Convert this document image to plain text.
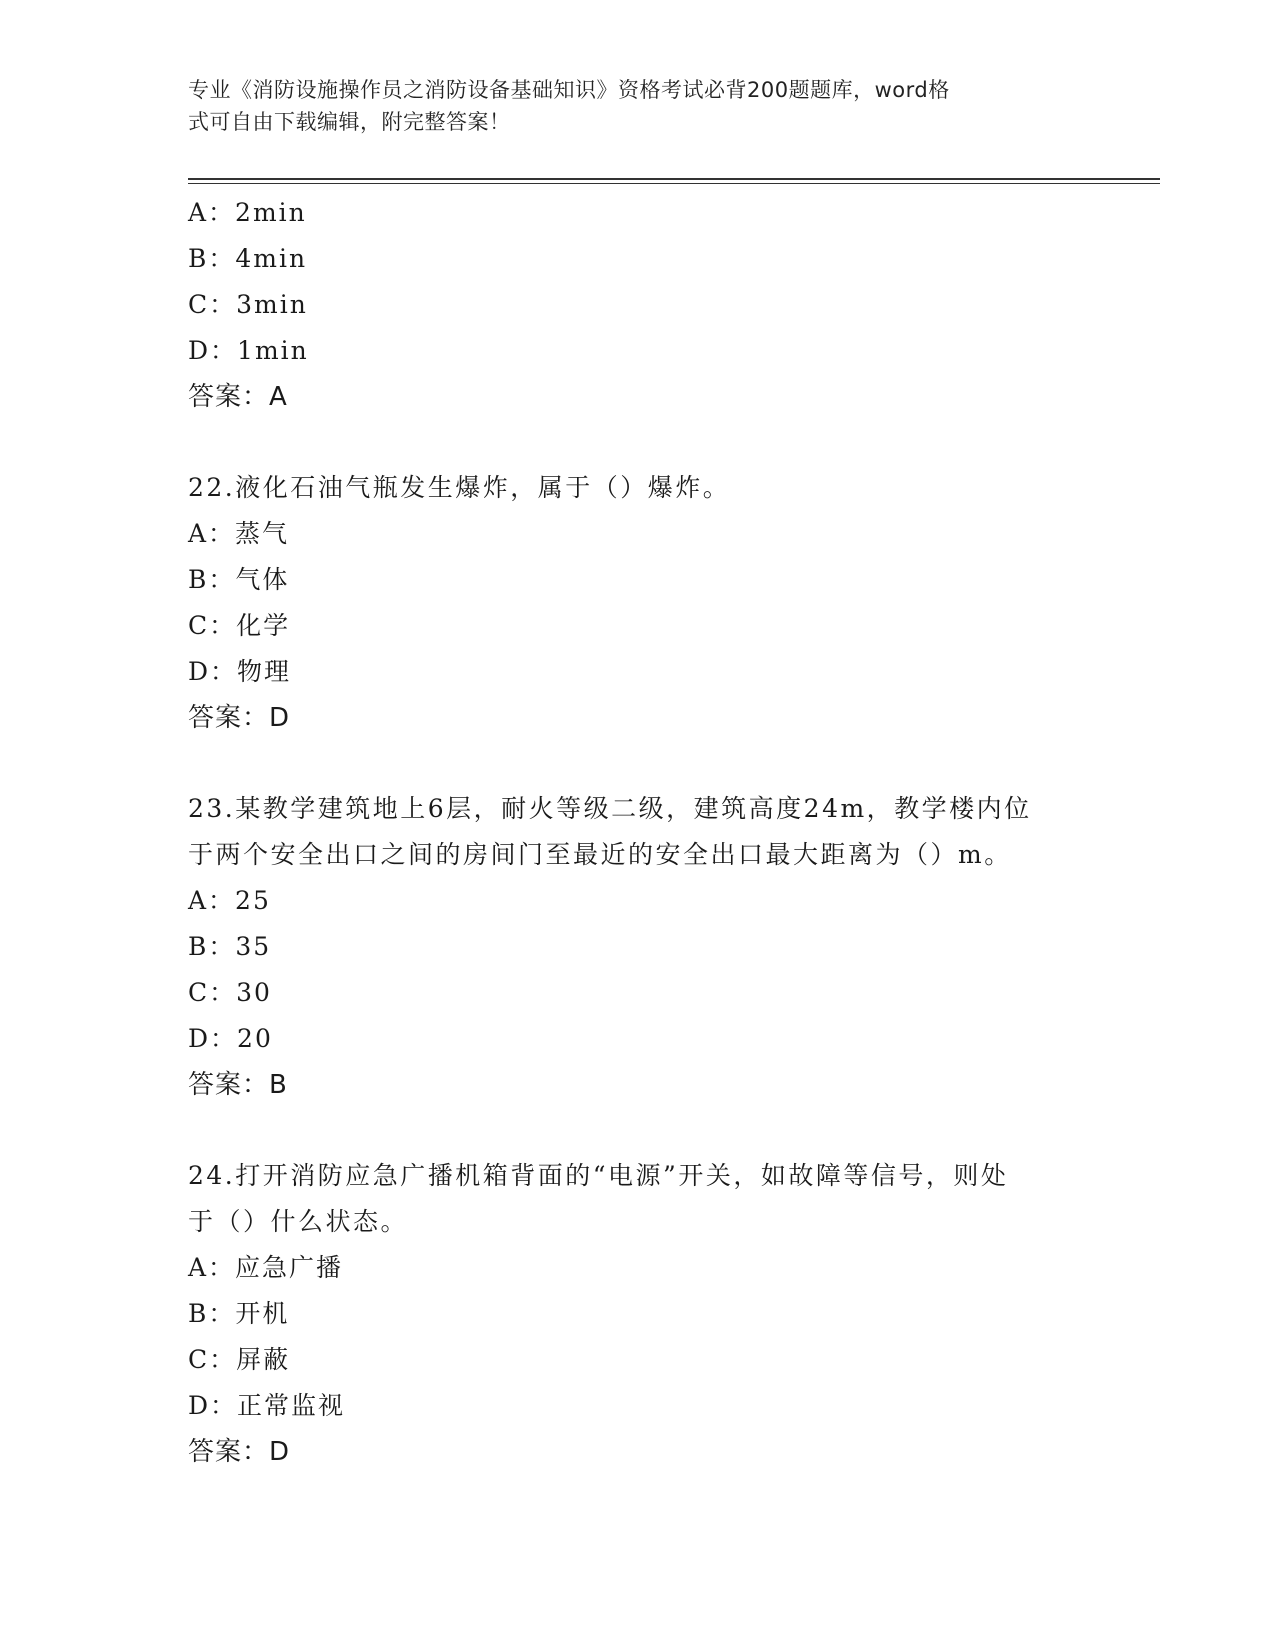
专业《消防设施操作员之消防设备基础知识》资格考试必背200题题库，word格
式可自由下载编辑，附完整答案！
A：2min
B：4min
C：3min
D：1min
答案：A
22.液化石油气瓶发生爆炸，属于（）爆炸。
A：蒸气
B：气体
C：化学
D：物理
答案：D
23.某教学建筑地上6层，耐火等级二级，建筑高度24m，教学楼内位
于两个安全出口之间的房间门至最近的安全出口最大距离为（）m。
A：25
B：35
C：30
D：20
答案：B
24.打开消防应急广播机箱背面的“电源”开关，如故障等信号，则处
于（）什么状态。
A：应急广播
B：开机
C：屏蔽
D：正常监视
答案：D
